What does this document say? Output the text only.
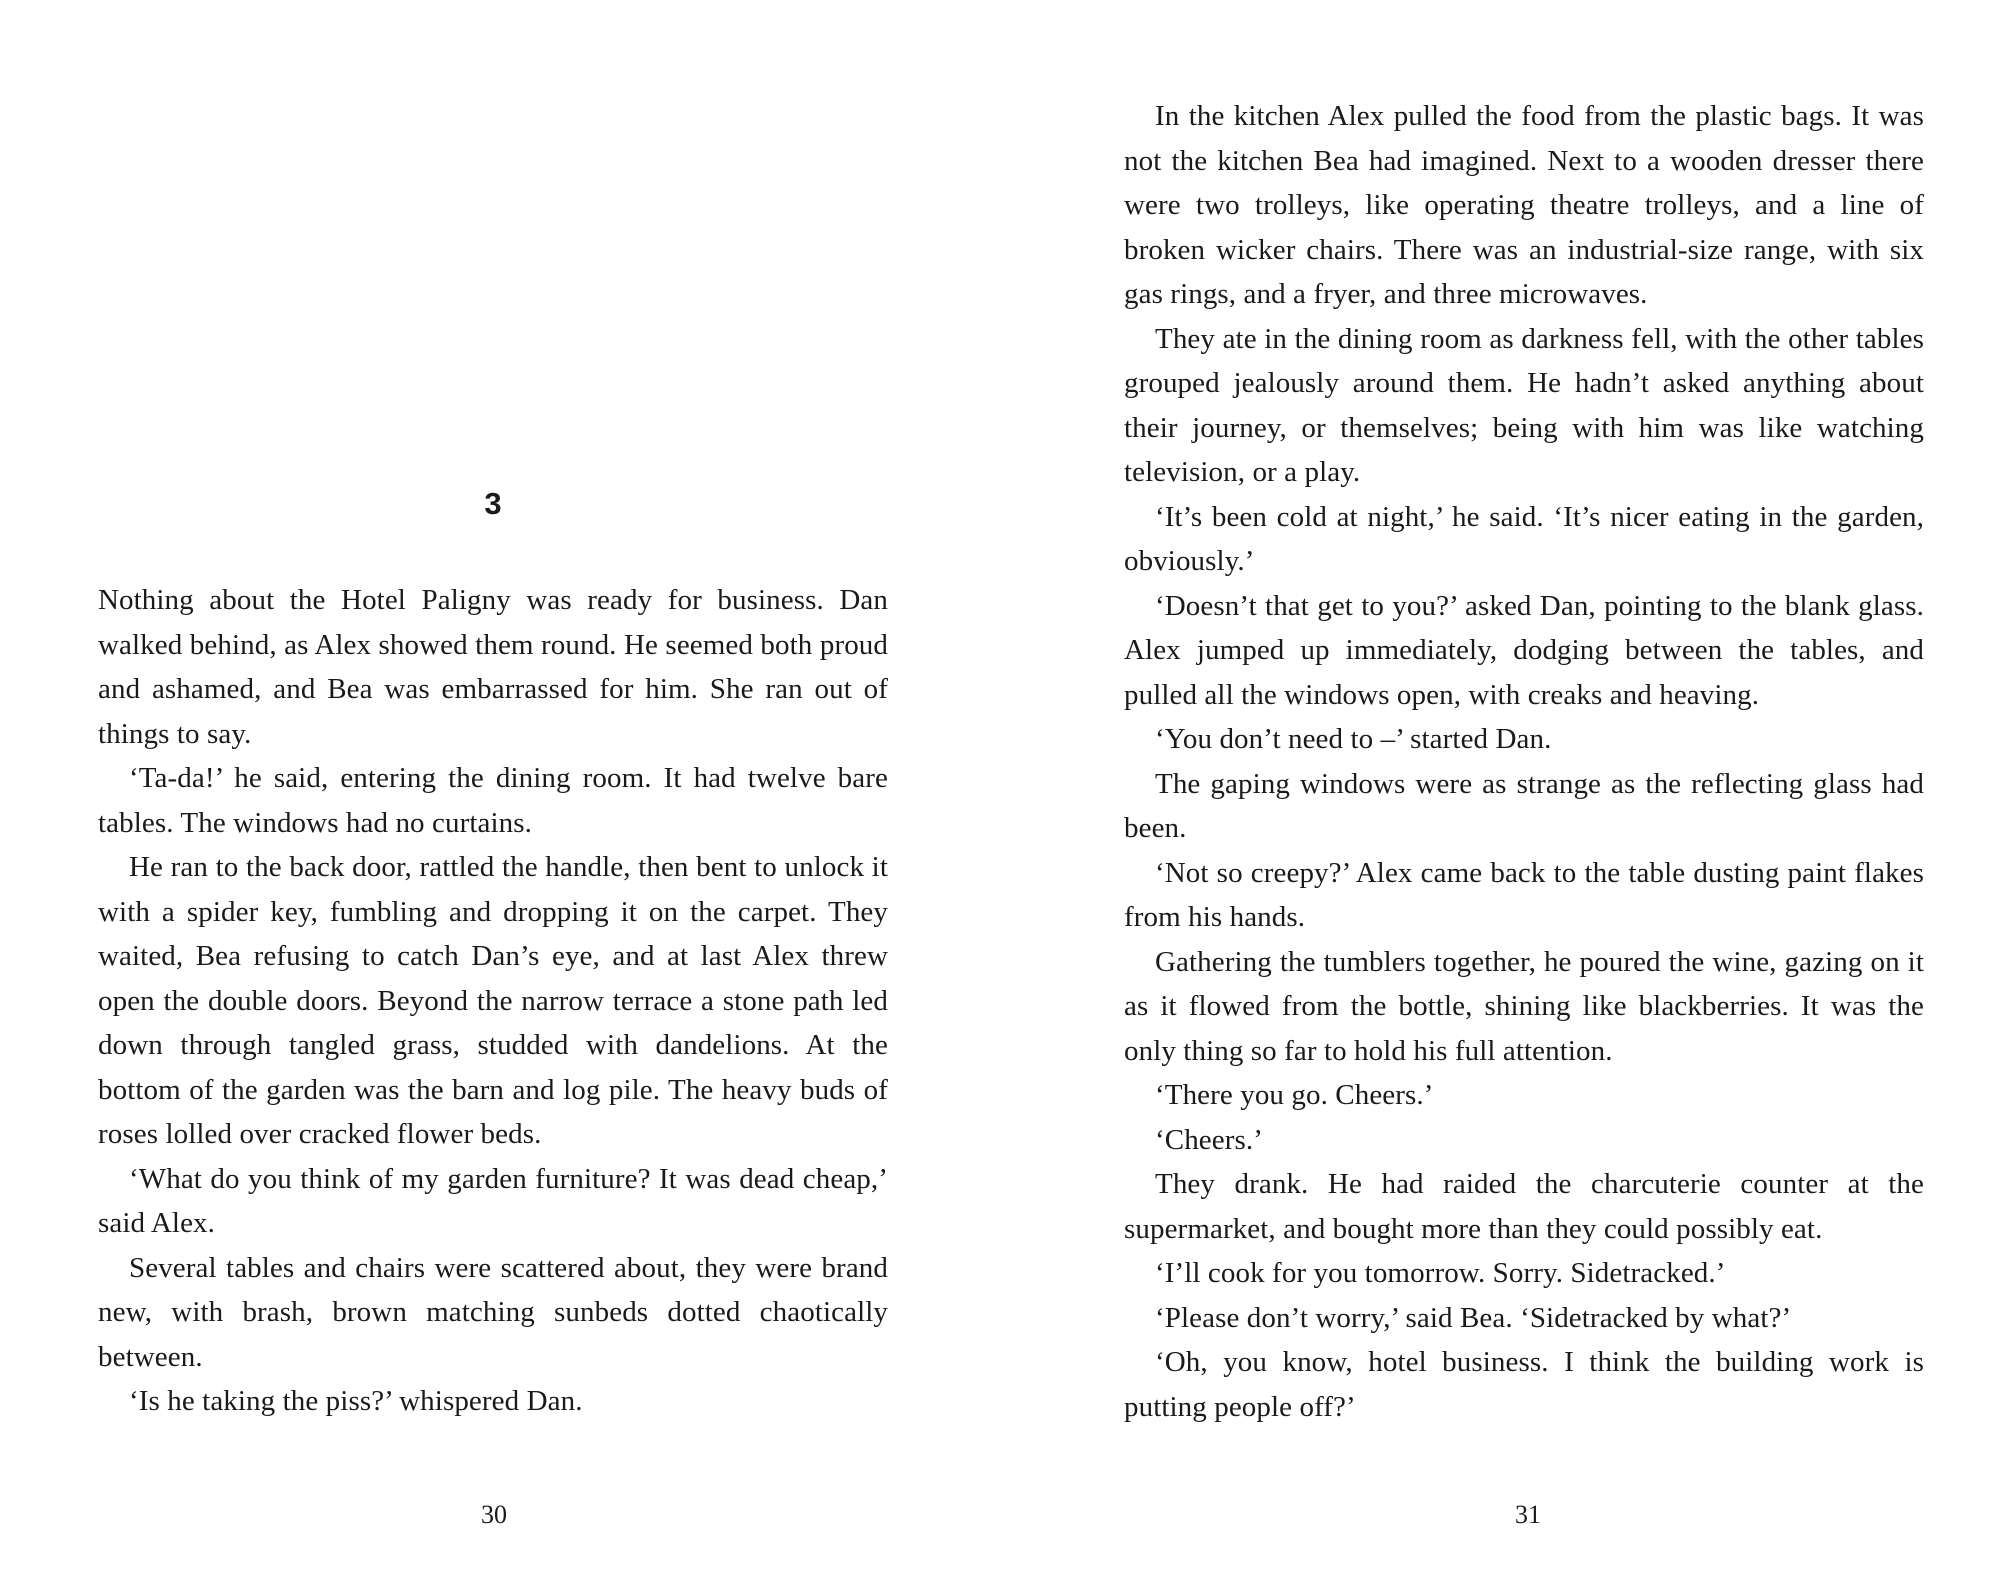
3

Nothing about the Hotel Paligny was ready for business. Dan walked behind, as Alex showed them round. He seemed both proud and ashamed, and Bea was embarrassed for him. She ran out of things to say.

‘Ta-da!’ he said, entering the dining room. It had twelve bare tables. The windows had no curtains.

He ran to the back door, rattled the handle, then bent to unlock it with a spider key, fumbling and dropping it on the carpet. They waited, Bea refusing to catch Dan’s eye, and at last Alex threw open the double doors. Beyond the narrow terrace a stone path led down through tangled grass, studded with dandelions. At the bottom of the garden was the barn and log pile. The heavy buds of roses lolled over cracked flower beds.

‘What do you think of my garden furniture? It was dead cheap,’ said Alex.

Several tables and chairs were scattered about, they were brand new, with brash, brown matching sunbeds dotted chaotically between.

‘Is he taking the piss?’ whispered Dan.

30

In the kitchen Alex pulled the food from the plastic bags. It was not the kitchen Bea had imagined. Next to a wooden dresser there were two trolleys, like operating theatre trolleys, and a line of broken wicker chairs. There was an industrial-size range, with six gas rings, and a fryer, and three microwaves.

They ate in the dining room as darkness fell, with the other tables grouped jealously around them. He hadn’t asked anything about their journey, or themselves; being with him was like watching television, or a play.

‘It’s been cold at night,’ he said. ‘It’s nicer eating in the garden, obviously.’

‘Doesn’t that get to you?’ asked Dan, pointing to the blank glass. Alex jumped up immediately, dodging between the tables, and pulled all the windows open, with creaks and heaving.

‘You don’t need to –’ started Dan.

The gaping windows were as strange as the reflecting glass had been.

‘Not so creepy?’ Alex came back to the table dusting paint flakes from his hands.

Gathering the tumblers together, he poured the wine, gazing on it as it flowed from the bottle, shining like blackberries. It was the only thing so far to hold his full attention.

‘There you go. Cheers.’

‘Cheers.’

They drank. He had raided the charcuterie counter at the supermarket, and bought more than they could possibly eat.

‘I’ll cook for you tomorrow. Sorry. Sidetracked.’

‘Please don’t worry,’ said Bea. ‘Sidetracked by what?’

‘Oh, you know, hotel business. I think the building work is putting people off?’

31
